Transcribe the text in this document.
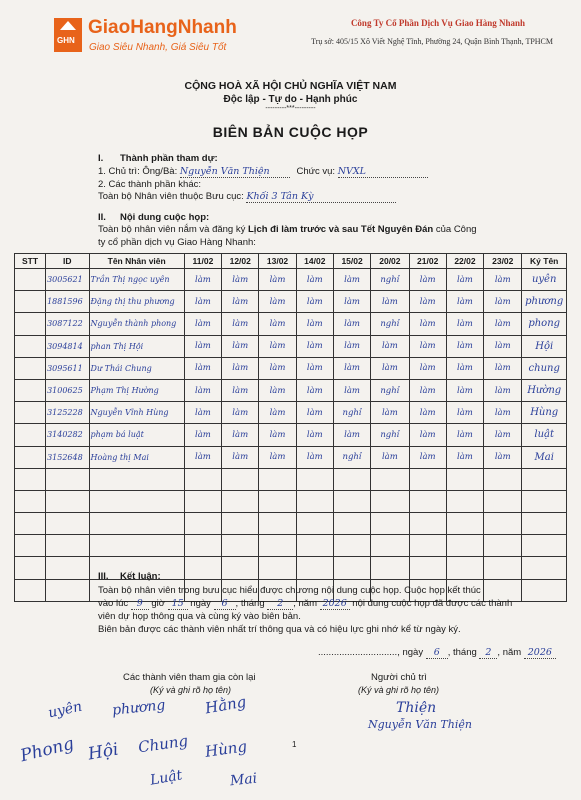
GHN
GiaoHangNhanh
Giao Siêu Nhanh, Giá Siêu Tốt
Công Ty Cổ Phần Dịch Vụ Giao Hàng Nhanh
Trụ sở: 405/15 Xô Viết Nghệ Tĩnh, Phường 24, Quận Bình Thạnh, TPHCM
CỘNG HOÀ XÃ HỘI CHỦ NGHĨA VIỆT NAM
Độc lập - Tự do - Hạnh phúc
---------***---------
BIÊN BẢN CUỘC HỌP
I. Thành phần tham dự:
1. Chủ trì: Ông/Bà: Nguyễn Văn Thiện	Chức vụ: NVXL
2. Các thành phần khác:
Toàn bộ Nhân viên thuộc Bưu cục: Khối 3 Tân Kỳ
II. Nội dung cuộc họp:
Toàn bộ nhân viên nắm và đăng ký Lịch đi làm trước và sau Tết Nguyên Đán của Công
ty cổ phần dịch vụ Giao Hàng Nhanh:
STT	ID	Tên Nhân viên	11/02	12/02	13/02	14/02	15/02	20/02	21/02	22/02	23/02	Ký Tên
	3005621	Trần Thị ngọc uyên	làm	làm	làm	làm	làm	nghỉ	làm	làm	làm	uyên
	1881596	Đặng thị thu phương	làm	làm	làm	làm	làm	làm	làm	làm	làm	phương
	3087122	Nguyễn thành phong	làm	làm	làm	làm	làm	nghỉ	làm	làm	làm	phong
	3094814	phan Thị Hội	làm	làm	làm	làm	làm	làm	làm	làm	làm	Hội
	3095611	Dư Thái Chung	làm	làm	làm	làm	làm	làm	làm	làm	làm	chung
	3100625	Phạm Thị Hường	làm	làm	làm	làm	làm	nghỉ	làm	làm	làm	Hường
	3125228	Nguyễn Vĩnh Hùng	làm	làm	làm	làm	nghỉ	làm	làm	làm	làm	Hùng
	3140282	phạm bá luật	làm	làm	làm	làm	làm	nghỉ	làm	làm	làm	luật
	3152648	Hoàng thị Mai	làm	làm	làm	làm	nghỉ	làm	làm	làm	làm	Mai

III. Kết luận:
Toàn bộ nhân viên trong bưu cục hiểu được chương nội dung cuộc họp. Cuộc họp kết thúc
vào lúc 9 giờ 15 ngày 6 , tháng 2 , năm 2026 nội dung cuộc họp đã được các thành
viên dự họp thông qua và cùng ký vào biên bản.
Biên bản được các thành viên nhất trí thông qua và có hiệu lực ghi nhớ kể từ ngày ký.
.............................., ngày 6 , tháng 2 , năm 2026
Các thành viên tham gia còn lại
(Ký và ghi rõ họ tên)
Người chủ trì
(Ký và ghi rõ họ tên)
Thiện
Nguyễn Văn Thiện
uyên phương	Hằng
Phong Hội Chung
Luật
Hùng
Mai
1
